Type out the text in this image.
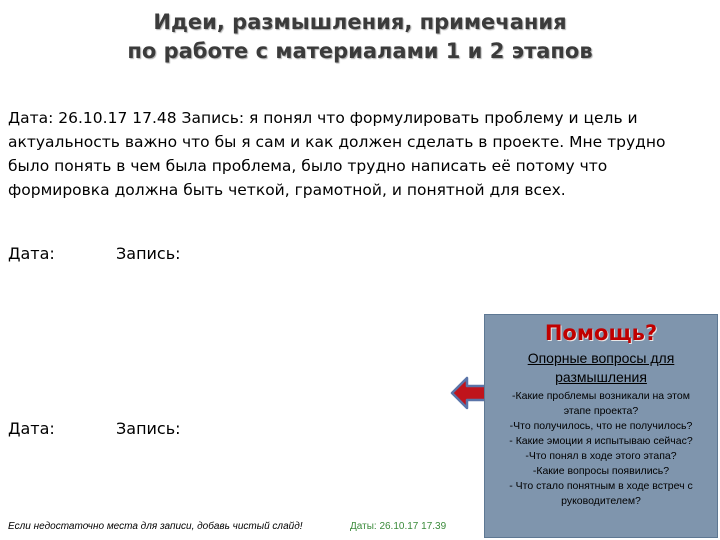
Идеи, размышления, примечания
по работе с материалами 1 и 2 этапов
Дата: 26.10.17 17.48 Запись: я понял что формулировать проблему и цель и актуальность важно что бы я сам и как должен сделать в проекте. Мне трудно было понять в чем была проблема, было трудно написать её потому что формировка должна быть четкой, грамотной, и понятной для всех.
Дата:	Запись:
Дата:	Запись:
Если недостаточно места для записи, добавь чистый слайд!	Даты: 26.10.17 17.39
Помощь?
Опорные вопросы для
размышления
-Какие проблемы возникали на этом
этапе проекта?
-Что получилось, что не получилось?
- Какие эмоции я испытываю сейчас?
-Что понял в ходе этого этапа?
-Какие вопросы появились?
- Что стало понятным в ходе встреч с
руководителем?
